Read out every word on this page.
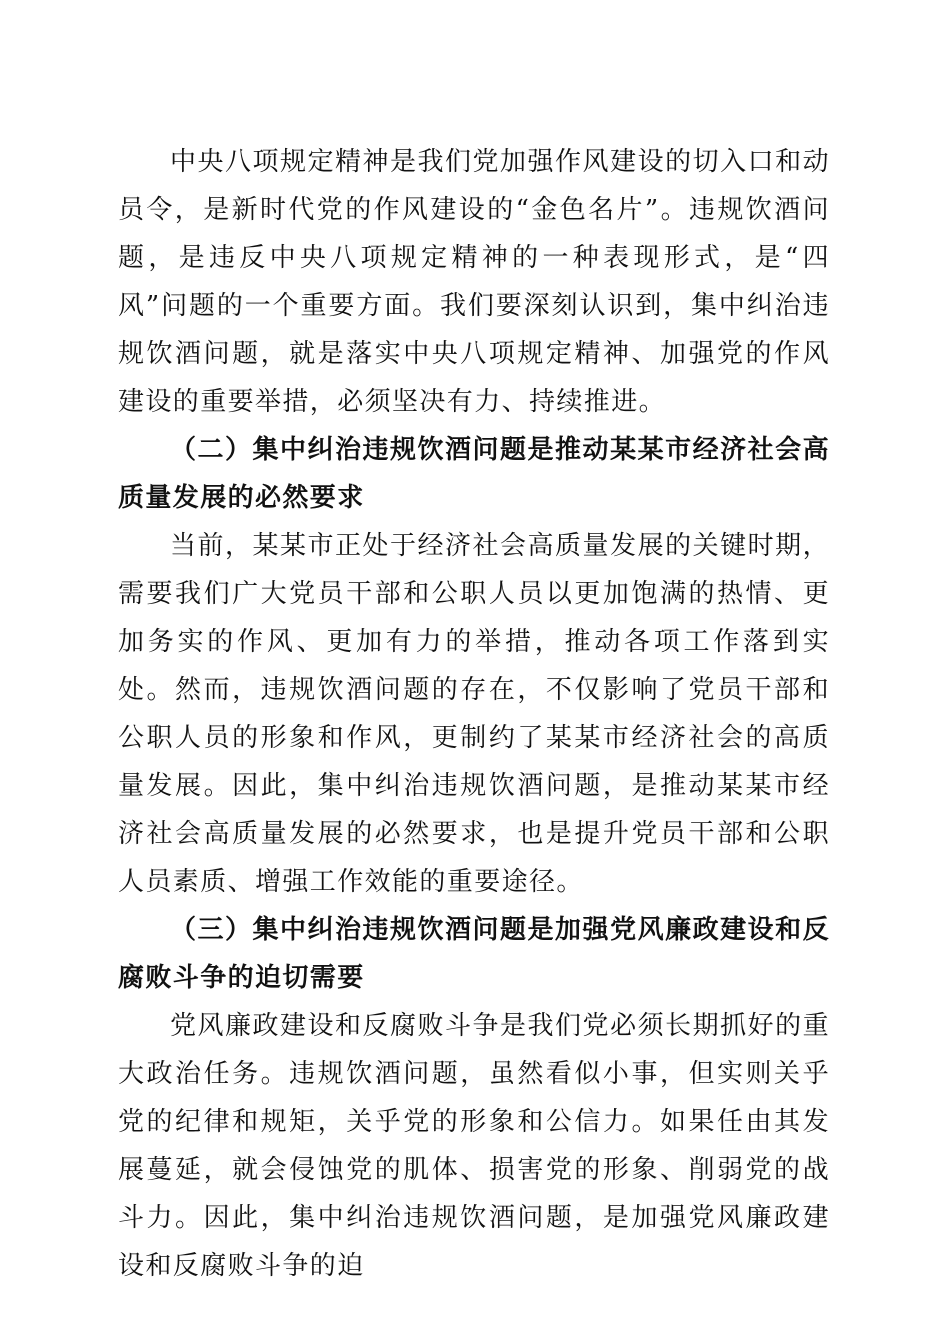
中央八项规定精神是我们党加强作风建设的切入口和动员令，是新时代党的作风建设的“金色名片”。违规饮酒问题，是违反中央八项规定精神的一种表现形式，是“四风”问题的一个重要方面。我们要深刻认识到，集中纠治违规饮酒问题，就是落实中央八项规定精神、加强党的作风建设的重要举措，必须坚决有力、持续推进。

（二）集中纠治违规饮酒问题是推动某某市经济社会高质量发展的必然要求

当前，某某市正处于经济社会高质量发展的关键时期，需要我们广大党员干部和公职人员以更加饱满的热情、更加务实的作风、更加有力的举措，推动各项工作落到实处。然而，违规饮酒问题的存在，不仅影响了党员干部和公职人员的形象和作风，更制约了某某市经济社会的高质量发展。因此，集中纠治违规饮酒问题，是推动某某市经济社会高质量发展的必然要求，也是提升党员干部和公职人员素质、增强工作效能的重要途径。

（三）集中纠治违规饮酒问题是加强党风廉政建设和反腐败斗争的迫切需要

党风廉政建设和反腐败斗争是我们党必须长期抓好的重大政治任务。违规饮酒问题，虽然看似小事，但实则关乎党的纪律和规矩，关乎党的形象和公信力。如果任由其发展蔓延，就会侵蚀党的肌体、损害党的形象、削弱党的战斗力。因此，集中纠治违规饮酒问题，是加强党风廉政建设和反腐败斗争的迫
